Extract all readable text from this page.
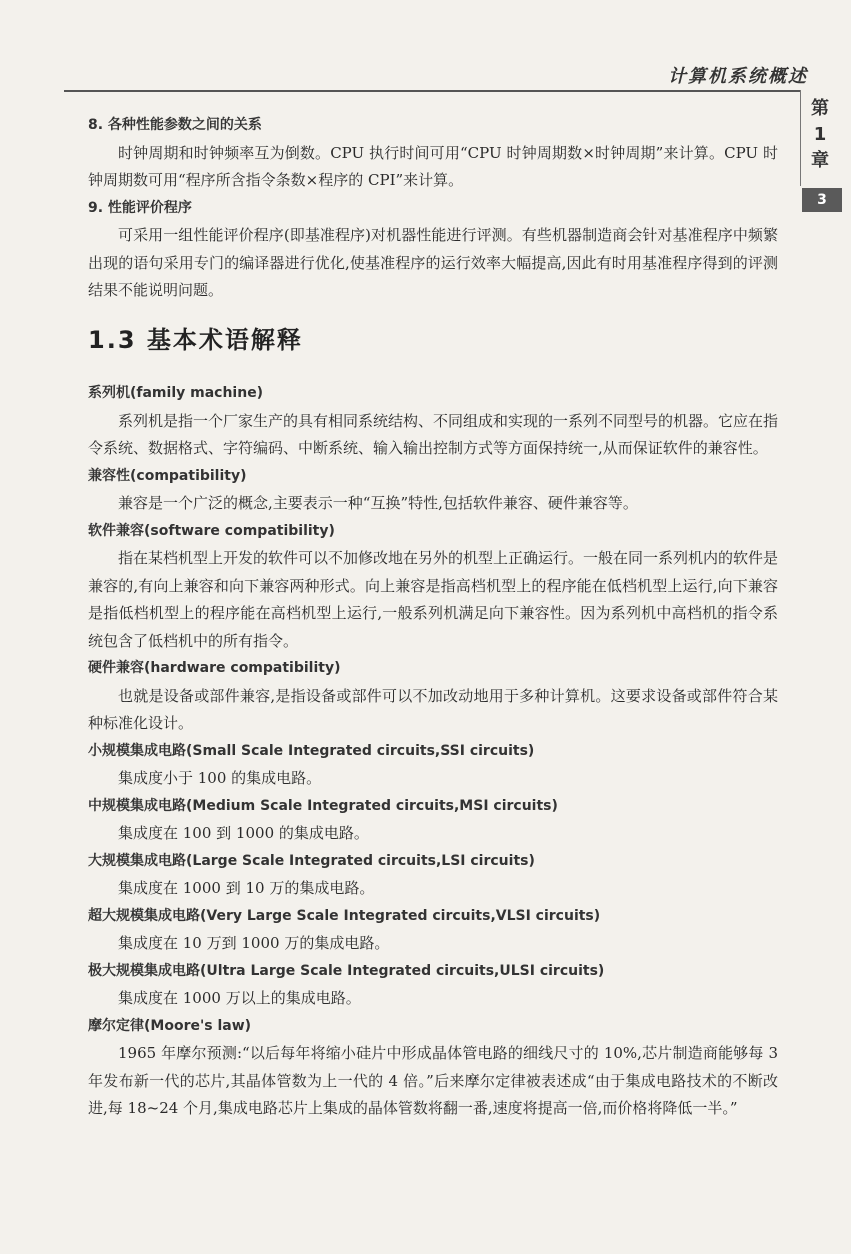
计算机系统概述
第
1
章
3

8. 各种性能参数之间的关系

时钟周期和时钟频率互为倒数。CPU 执行时间可用“CPU 时钟周期数×时钟周期”来计算。CPU 时钟周期数可用“程序所含指令条数×程序的 CPI”来计算。

9. 性能评价程序

可采用一组性能评价程序(即基准程序)对机器性能进行评测。有些机器制造商会针对基准程序中频繁出现的语句采用专门的编译器进行优化,使基准程序的运行效率大幅提高,因此有时用基准程序得到的评测结果不能说明问题。

1.3 基本术语解释

系列机(family machine)

系列机是指一个厂家生产的具有相同系统结构、不同组成和实现的一系列不同型号的机器。它应在指令系统、数据格式、字符编码、中断系统、输入输出控制方式等方面保持统一,从而保证软件的兼容性。

兼容性(compatibility)

兼容是一个广泛的概念,主要表示一种“互换”特性,包括软件兼容、硬件兼容等。

软件兼容(software compatibility)

指在某档机型上开发的软件可以不加修改地在另外的机型上正确运行。一般在同一系列机内的软件是兼容的,有向上兼容和向下兼容两种形式。向上兼容是指高档机型上的程序能在低档机型上运行,向下兼容是指低档机型上的程序能在高档机型上运行,一般系列机满足向下兼容性。因为系列机中高档机的指令系统包含了低档机中的所有指令。

硬件兼容(hardware compatibility)

也就是设备或部件兼容,是指设备或部件可以不加改动地用于多种计算机。这要求设备或部件符合某种标准化设计。

小规模集成电路(Small Scale Integrated circuits,SSI circuits)

集成度小于 100 的集成电路。

中规模集成电路(Medium Scale Integrated circuits,MSI circuits)

集成度在 100 到 1000 的集成电路。

大规模集成电路(Large Scale Integrated circuits,LSI circuits)

集成度在 1000 到 10 万的集成电路。

超大规模集成电路(Very Large Scale Integrated circuits,VLSI circuits)

集成度在 10 万到 1000 万的集成电路。

极大规模集成电路(Ultra Large Scale Integrated circuits,ULSI circuits)

集成度在 1000 万以上的集成电路。

摩尔定律(Moore's law)

1965 年摩尔预测:“以后每年将缩小硅片中形成晶体管电路的细线尺寸的 10%,芯片制造商能够每 3 年发布新一代的芯片,其晶体管数为上一代的 4 倍。”后来摩尔定律被表述成“由于集成电路技术的不断改进,每 18~24 个月,集成电路芯片上集成的晶体管数将翻一番,速度将提高一倍,而价格将降低一半。”
